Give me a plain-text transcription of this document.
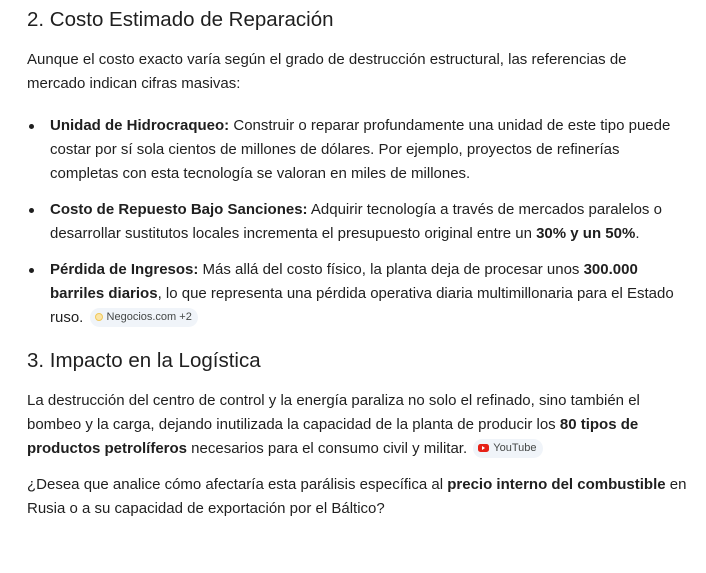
2. Costo Estimado de Reparación

Aunque el costo exacto varía según el grado de destrucción estructural, las referencias de mercado indican cifras masivas:

Unidad de Hidrocraqueo: Construir o reparar profundamente una unidad de este tipo puede costar por sí sola cientos de millones de dólares. Por ejemplo, proyectos de refinerías completas con esta tecnología se valoran en miles de millones.
Costo de Repuesto Bajo Sanciones: Adquirir tecnología a través de mercados paralelos o desarrollar sustitutos locales incrementa el presupuesto original entre un 30% y un 50%.
Pérdida de Ingresos: Más allá del costo físico, la planta deja de procesar unos 300.000 barriles diarios, lo que representa una pérdida operativa diaria multimillonaria para el Estado ruso. Negocios.com +2
3. Impacto en la Logística

La destrucción del centro de control y la energía paraliza no solo el refinado, sino también el bombeo y la carga, dejando inutilizada la capacidad de la planta de producir los 80 tipos de productos petrolíferos necesarios para el consumo civil y militar. YouTube

¿Desea que analice cómo afectaría esta parálisis específica al precio interno del combustible en Rusia o a su capacidad de exportación por el Báltico?
